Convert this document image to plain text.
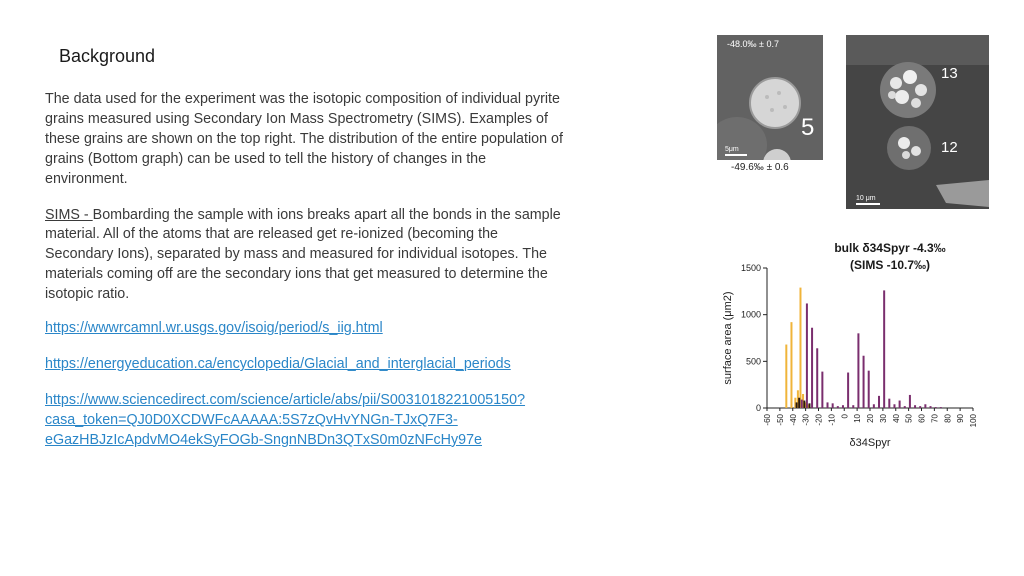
Background

The data used for the experiment was the isotopic composition of individual pyrite grains measured using Secondary Ion Mass Spectrometry (SIMS). Examples of these grains are shown on the top right. The distribution of the entire population of grains (Bottom graph) can be used to tell the history of changes in the environment.

SIMS - Bombarding the sample with ions breaks apart all the bonds in the sample material. All of the atoms that are released get re-ionized (becoming the Secondary Ions), separated by mass and measured for individual isotopes. The materials coming off are the secondary ions that get measured to determine the isotopic ratio.

https://wwwrcamnl.wr.usgs.gov/isoig/period/s_iig.html

https://energyeducation.ca/encyclopedia/Glacial_and_interglacial_periods

https://www.sciencedirect.com/science/article/abs/pii/S0031018221005150?casa_token=QJ0D0XCDWFcAAAAA:5S7zQvHvYNGn-TJxQ7F3-eGazHBJzIcApdvMO4ekSyFOGb-SngnNBDn3QTxS0m0zNFcHy97e

5
-48.0‰ ± 0.7
5μm
-49.6‰ ± 0.6
13
12
10 μm
bulk δ34Spyr -4.3‰
(SIMS -10.7‰)
0
500
1000
1500
-60 -50 -40 -30 -20 -10 0 10 20 30 40 50 60 70 80 90 100
surface area (μm2)
δ34Spyr
